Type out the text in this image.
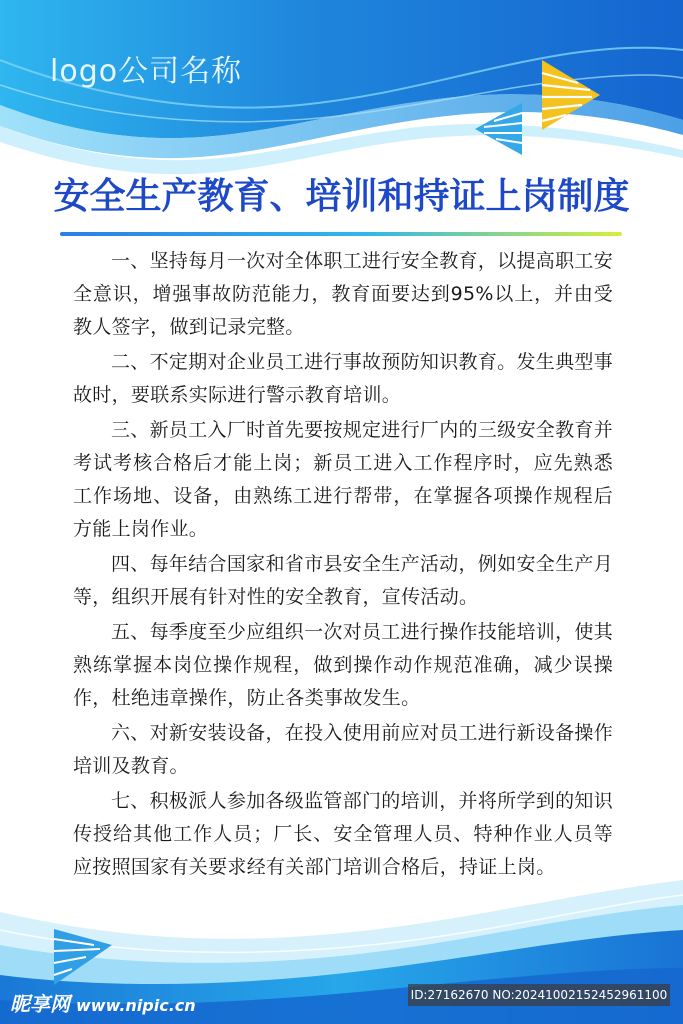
logo公司名称
安全生产教育、培训和持证上岗制度

一、坚持每月一次对全体职工进行安全教育，以提高职工安全意识，增强事故防范能力，教育面要达到95%以上，并由受教人签字，做到记录完整。

二、不定期对企业员工进行事故预防知识教育。发生典型事故时，要联系实际进行警示教育培训。

三、新员工入厂时首先要按规定进行厂内的三级安全教育并考试考核合格后才能上岗；新员工进入工作程序时，应先熟悉工作场地、设备，由熟练工进行帮带，在掌握各项操作规程后方能上岗作业。

四、每年结合国家和省市县安全生产活动，例如安全生产月等，组织开展有针对性的安全教育，宣传活动。

五、每季度至少应组织一次对员工进行操作技能培训，使其熟练掌握本岗位操作规程，做到操作动作规范准确，减少误操作，杜绝违章操作，防止各类事故发生。

六、对新安装设备，在投入使用前应对员工进行新设备操作培训及教育。

七、积极派人参加各级监管部门的培训，并将所学到的知识传授给其他工作人员；厂长、安全管理人员、特种作业人员等应按照国家有关要求经有关部门培训合格后，持证上岗。

昵享网 www.nipic.cn
ID:27162670 NO:20241002152452961100
